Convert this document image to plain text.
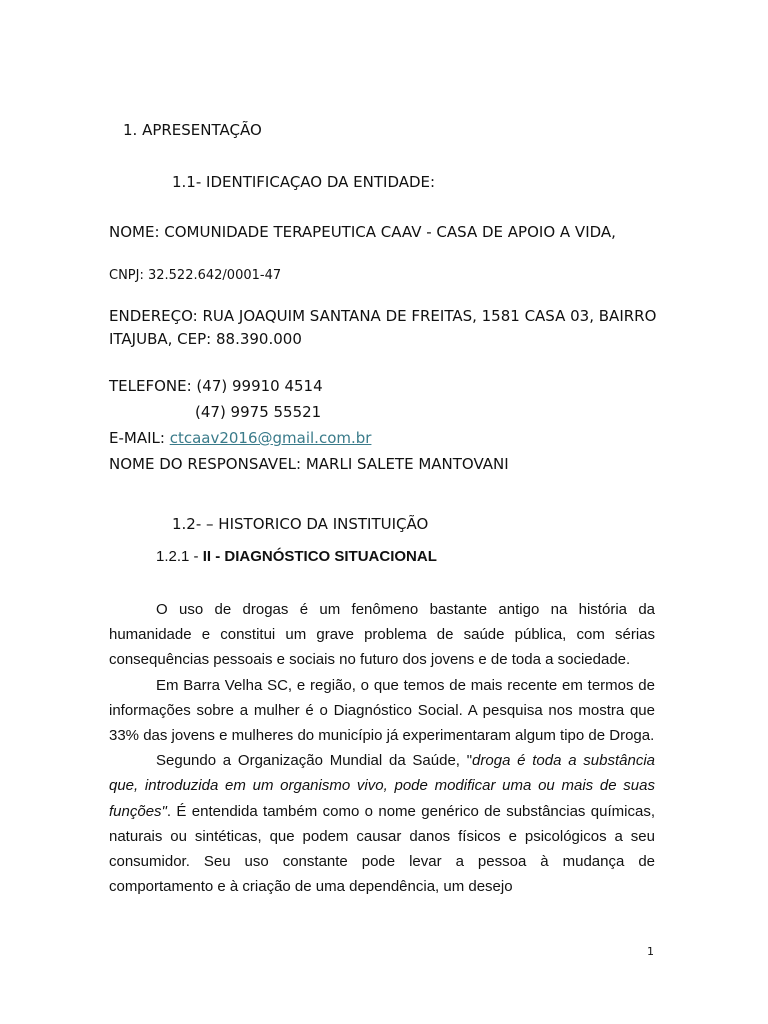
1. APRESENTAÇÃO
1.1- IDENTIFICAÇAO DA ENTIDADE:
NOME: COMUNIDADE TERAPEUTICA CAAV - CASA DE APOIO A VIDA,
CNPJ: 32.522.642/0001-47
ENDEREÇO: RUA JOAQUIM SANTANA DE FREITAS, 1581 CASA 03, BAIRRO
ITAJUBA, CEP: 88.390.000
TELEFONE: (47) 99910 4514
(47) 9975 55521
E-MAIL: ctcaav2016@gmail.com.br
NOME DO RESPONSAVEL: MARLI SALETE MANTOVANI
1.2- – HISTORICO DA INSTITUIÇÃO
1.2.1 - II - DIAGNÓSTICO SITUACIONAL

O uso de drogas é um fenômeno bastante antigo na história da humanidade e constitui um grave problema de saúde pública, com sérias consequências pessoais e sociais no futuro dos jovens e de toda a sociedade.

Em Barra Velha SC, e região, o que temos de mais recente em termos de informações sobre a mulher é o Diagnóstico Social. A pesquisa nos mostra que 33% das jovens e mulheres do município já experimentaram algum tipo de Droga.

Segundo a Organização Mundial da Saúde, "droga é toda a substância que, introduzida em um organismo vivo, pode modificar uma ou mais de suas funções". É entendida também como o nome genérico de substâncias químicas, naturais ou sintéticas, que podem causar danos físicos e psicológicos a seu consumidor. Seu uso constante pode levar a pessoa à mudança de comportamento e à criação de uma dependência, um desejo

1
